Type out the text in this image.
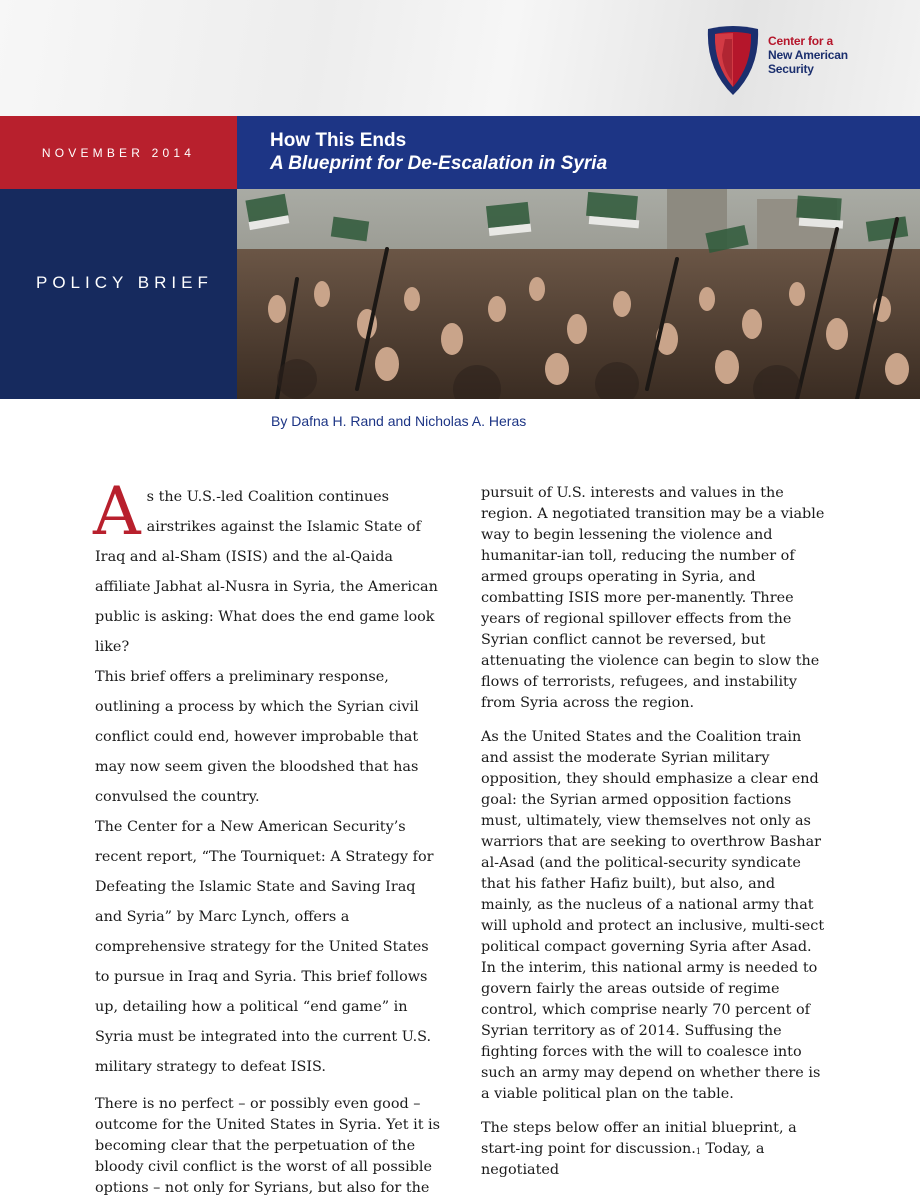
Center for a
New American
Security
NOVEMBER 2014
How This Ends
A Blueprint for De-Escalation in Syria
POLICY BRIEF
By Dafna H. Rand and Nicholas A. Heras

As the U.S.-led Coalition continues airstrikes against the Islamic State of Iraq and al-Sham (ISIS) and the al-Qaida affiliate Jabhat al-Nusra in Syria, the American public is asking: What does the end game look like?

This brief offers a preliminary response, outlining a process by which the Syrian civil conflict could end, however improbable that may now seem given the bloodshed that has convulsed the country.

The Center for a New American Security’s recent report, “The Tourniquet: A Strategy for Defeating the Islamic State and Saving Iraq and Syria” by Marc Lynch, offers a comprehensive strategy for the United States to pursue in Iraq and Syria. This brief follows up, detailing how a political “end game” in Syria must be integrated into the current U.S. military strategy to defeat ISIS.

There is no perfect – or possibly even good – outcome for the United States in Syria. Yet it is becoming clear that the perpetuation of the bloody civil conflict is the worst of all possible options – not only for Syrians, but also for the

pursuit of U.S. interests and values in the region. A negotiated transition may be a viable way to begin lessening the violence and humanitar-ian toll, reducing the number of armed groups operating in Syria, and combatting ISIS more per-manently. Three years of regional spillover effects from the Syrian conflict cannot be reversed, but attenuating the violence can begin to slow the flows of terrorists, refugees, and instability from Syria across the region.

As the United States and the Coalition train and assist the moderate Syrian military opposition, they should emphasize a clear end goal: the Syrian armed opposition factions must, ultimately, view themselves not only as warriors that are seeking to overthrow Bashar al-Asad (and the political-security syndicate that his father Hafiz built), but also, and mainly, as the nucleus of a national army that will uphold and protect an inclusive, multi-sect political compact governing Syria after Asad. In the interim, this national army is needed to govern fairly the areas outside of regime control, which comprise nearly 70 percent of Syrian territory as of 2014. Suffusing the fighting forces with the will to coalesce into such an army may depend on whether there is a viable political plan on the table.

The steps below offer an initial blueprint, a start-ing point for discussion.$^1$ Today, a negotiated
